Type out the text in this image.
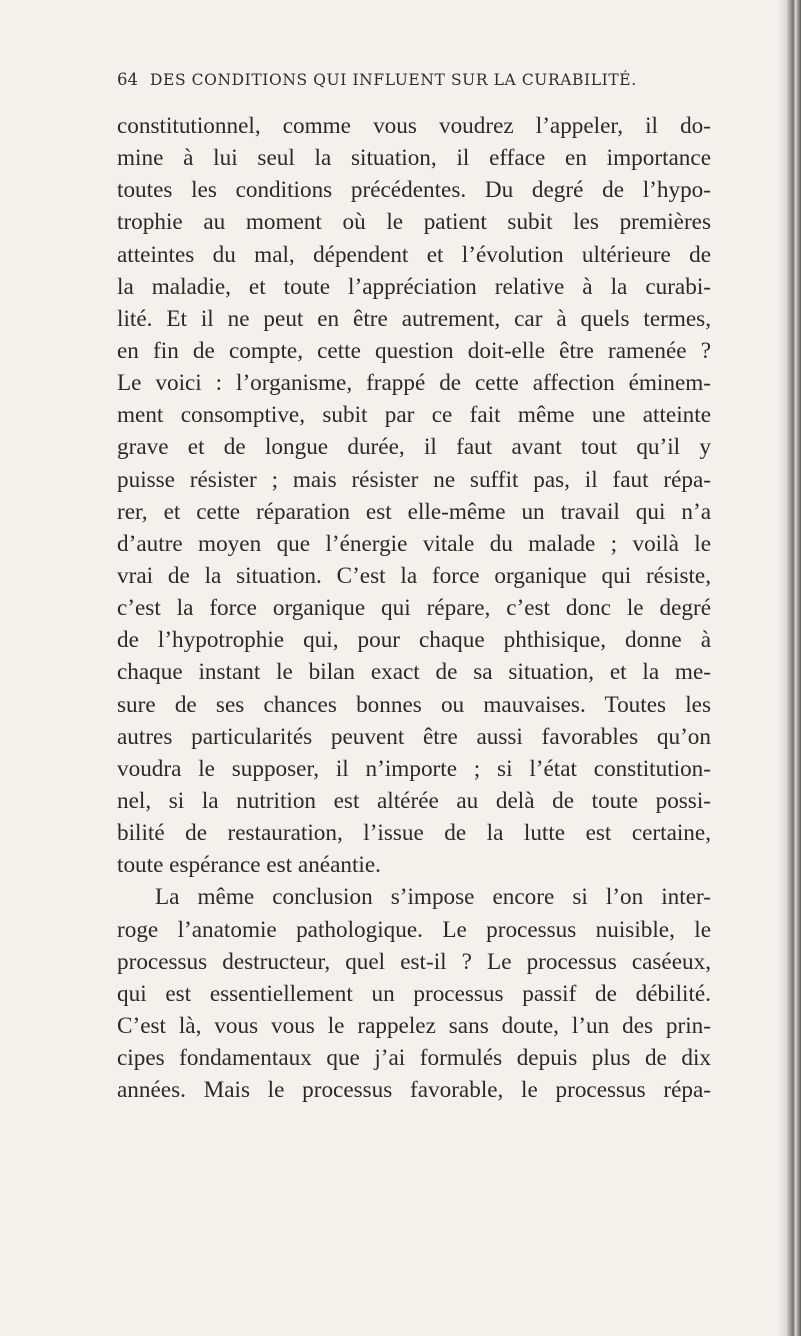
64 DES CONDITIONS QUI INFLUENT SUR LA CURABILITÉ.
constitutionnel, comme vous voudrez l’appeler, il do-
mine à lui seul la situation, il efface en importance
toutes les conditions précédentes. Du degré de l’hypo-
trophie au moment où le patient subit les premières
atteintes du mal, dépendent et l’évolution ultérieure de
la maladie, et toute l’appréciation relative à la curabi-
lité. Et il ne peut en être autrement, car à quels termes,
en fin de compte, cette question doit-elle être ramenée ?
Le voici : l’organisme, frappé de cette affection éminem-
ment consomptive, subit par ce fait même une atteinte
grave et de longue durée, il faut avant tout qu’il y
puisse résister ; mais résister ne suffit pas, il faut répa-
rer, et cette réparation est elle-même un travail qui n’a
d’autre moyen que l’énergie vitale du malade ; voilà le
vrai de la situation. C’est la force organique qui résiste,
c’est la force organique qui répare, c’est donc le degré
de l’hypotrophie qui, pour chaque phthisique, donne à
chaque instant le bilan exact de sa situation, et la me-
sure de ses chances bonnes ou mauvaises. Toutes les
autres particularités peuvent être aussi favorables qu’on
voudra le supposer, il n’importe ; si l’état constitution-
nel, si la nutrition est altérée au delà de toute possi-
bilité de restauration, l’issue de la lutte est certaine,
toute espérance est anéantie.
La même conclusion s’impose encore si l’on inter-
roge l’anatomie pathologique. Le processus nuisible, le
processus destructeur, quel est-il ? Le processus caséeux,
qui est essentiellement un processus passif de débilité.
C’est là, vous vous le rappelez sans doute, l’un des prin-
cipes fondamentaux que j’ai formulés depuis plus de dix
années. Mais le processus favorable, le processus répa-
